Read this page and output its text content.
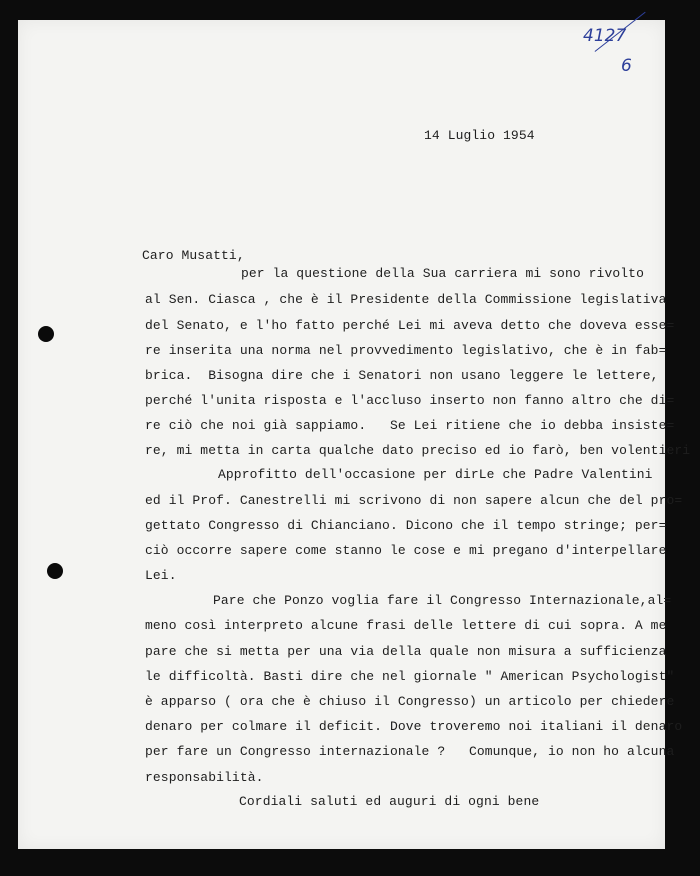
4127
6
14 Luglio 1954
Caro Musatti,
per la questione della Sua carriera mi sono rivolto
al Sen. Ciasca , che è il Presidente della Commissione legislativa
del Senato, e l'ho fatto perché Lei mi aveva detto che doveva esse=
re inserita una norma nel provvedimento legislativo, che è in fab=
brica.  Bisogna dire che i Senatori non usano leggere le lettere,
perché l'unita risposta e l'accluso inserto non fanno altro che di=
re ciò che noi già sappiamo.   Se Lei ritiene che io debba insiste=
re, mi metta in carta qualche dato preciso ed io farò, ben volentieri
Approfitto dell'occasione per dirLe che Padre Valentini
ed il Prof. Canestrelli mi scrivono di non sapere alcun che del pro=
gettato Congresso di Chianciano. Dicono che il tempo stringe; per=
ciò occorre sapere come stanno le cose e mi pregano d'interpellare
Lei.
Pare che Ponzo voglia fare il Congresso Internazionale,al=
meno così interpreto alcune frasi delle lettere di cui sopra. A me
pare che si metta per una via della quale non misura a sufficienza
le difficoltà. Basti dire che nel giornale " American Psychologist"
è apparso ( ora che è chiuso il Congresso) un articolo per chiedere
denaro per colmare il deficit. Dove troveremo noi italiani il denaro
per fare un Congresso internazionale ?   Comunque, io non ho alcuna
responsabilità.
Cordiali saluti ed auguri di ogni bene
